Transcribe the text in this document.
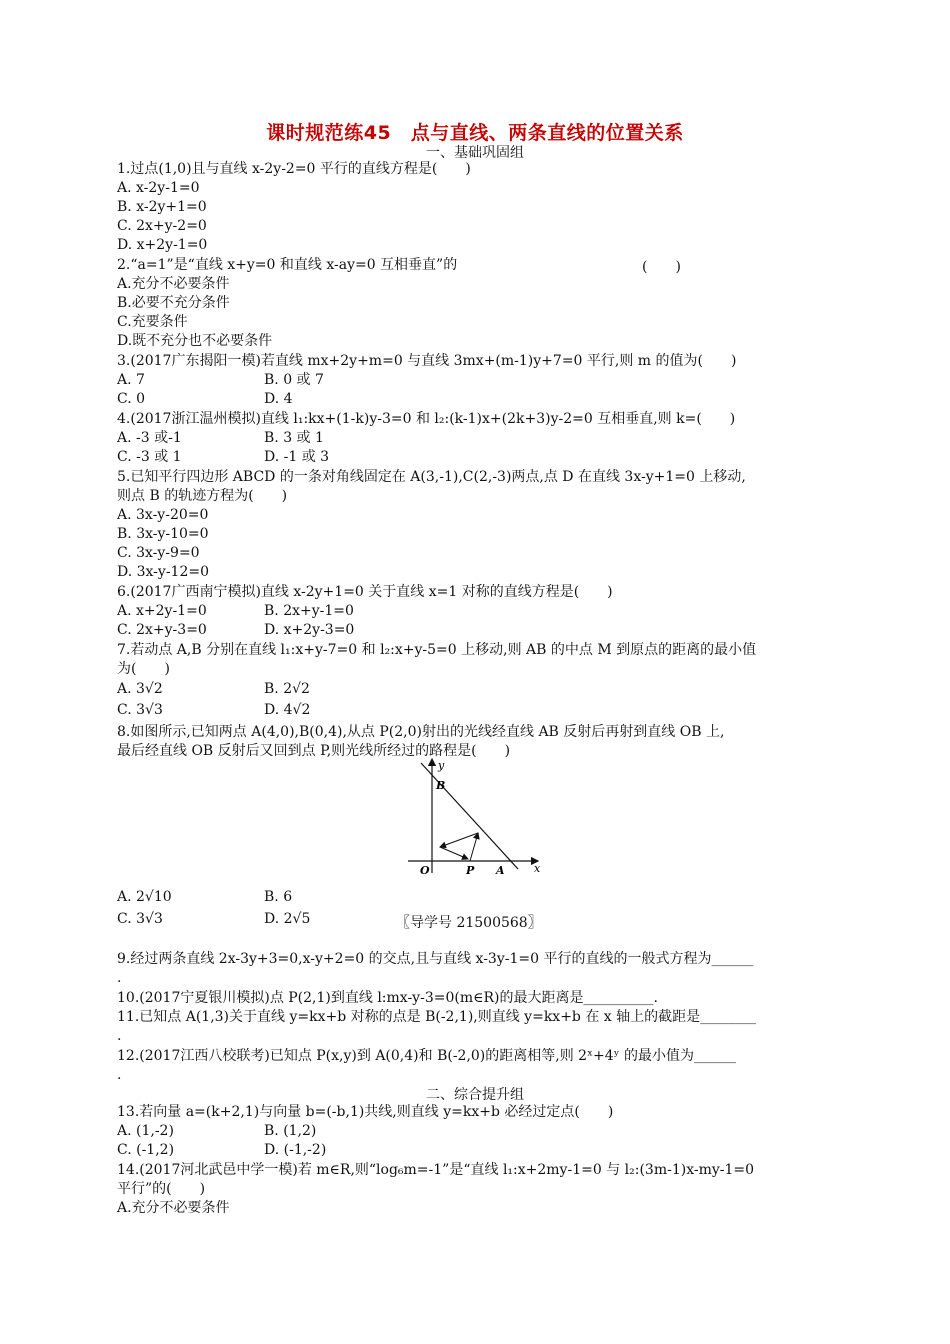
课时规范练45　点与直线、两条直线的位置关系
一、基础巩固组
1.过点(1,0)且与直线 x-2y-2=0 平行的直线方程是(　　)
A. x-2y-1=0
B. x-2y+1=0
C. 2x+y-2=0
D. x+2y-1=0
2.“a=1”是“直线 x+y=0 和直线 x-ay=0 互相垂直”的	(　　)
A.充分不必要条件
B.必要不充分条件
C.充要条件
D.既不充分也不必要条件
3.(2017广东揭阳一模)若直线 mx+2y+m=0 与直线 3mx+(m-1)y+7=0 平行,则 m 的值为(　　)
A. 7	B. 0 或 7
C. 0	D. 4
4.(2017浙江温州模拟)直线 l₁:kx+(1-k)y-3=0 和 l₂:(k-1)x+(2k+3)y-2=0 互相垂直,则 k=(　　)
A. -3 或-1	B. 3 或 1
C. -3 或 1	D. -1 或 3
5.已知平行四边形 ABCD 的一条对角线固定在 A(3,-1),C(2,-3)两点,点 D 在直线 3x-y+1=0 上移动,
则点 B 的轨迹方程为(　　)
A. 3x-y-20=0
B. 3x-y-10=0
C. 3x-y-9=0
D. 3x-y-12=0
6.(2017广西南宁模拟)直线 x-2y+1=0 关于直线 x=1 对称的直线方程是(　　)
A. x+2y-1=0	B. 2x+y-1=0
C. 2x+y-3=0	D. x+2y-3=0
7.若动点 A,B 分别在直线 l₁:x+y-7=0 和 l₂:x+y-5=0 上移动,则 AB 的中点 M 到原点的距离的最小值
为(　　)
A. 3√2	B. 2√2
C. 3√3	D. 4√2
8.如图所示,已知两点 A(4,0),B(0,4),从点 P(2,0)射出的光线经直线 AB 反射后再射到直线 OB 上,
最后经直线 OB 反射后又回到点 P,则光线所经过的路程是(　　)
y
x
B
O	P A
A. 2√10	B. 6
C. 3√3	D. 2√5	〖导学号 21500568〗
9.经过两条直线 2x-3y+3=0,x-y+2=0 的交点,且与直线 x-3y-1=0 平行的直线的一般式方程为______
.
10.(2017宁夏银川模拟)点 P(2,1)到直线 l:mx-y-3=0(m∈R)的最大距离是__________.
11.已知点 A(1,3)关于直线 y=kx+b 对称的点是 B(-2,1),则直线 y=kx+b 在 x 轴上的截距是________
.
12.(2017江西八校联考)已知点 P(x,y)到 A(0,4)和 B(-2,0)的距离相等,则 2ˣ+4ʸ 的最小值为______
.
二、综合提升组
13.若向量 a=(k+2,1)与向量 b=(-b,1)共线,则直线 y=kx+b 必经过定点(　　)
A. (1,-2)	B. (1,2)
C. (-1,2)	D. (-1,-2)
14.(2017河北武邑中学一模)若 m∈R,则“log₆m=-1”是“直线 l₁:x+2my-1=0 与 l₂:(3m-1)x-my-1=0
平行”的(　　)
A.充分不必要条件
